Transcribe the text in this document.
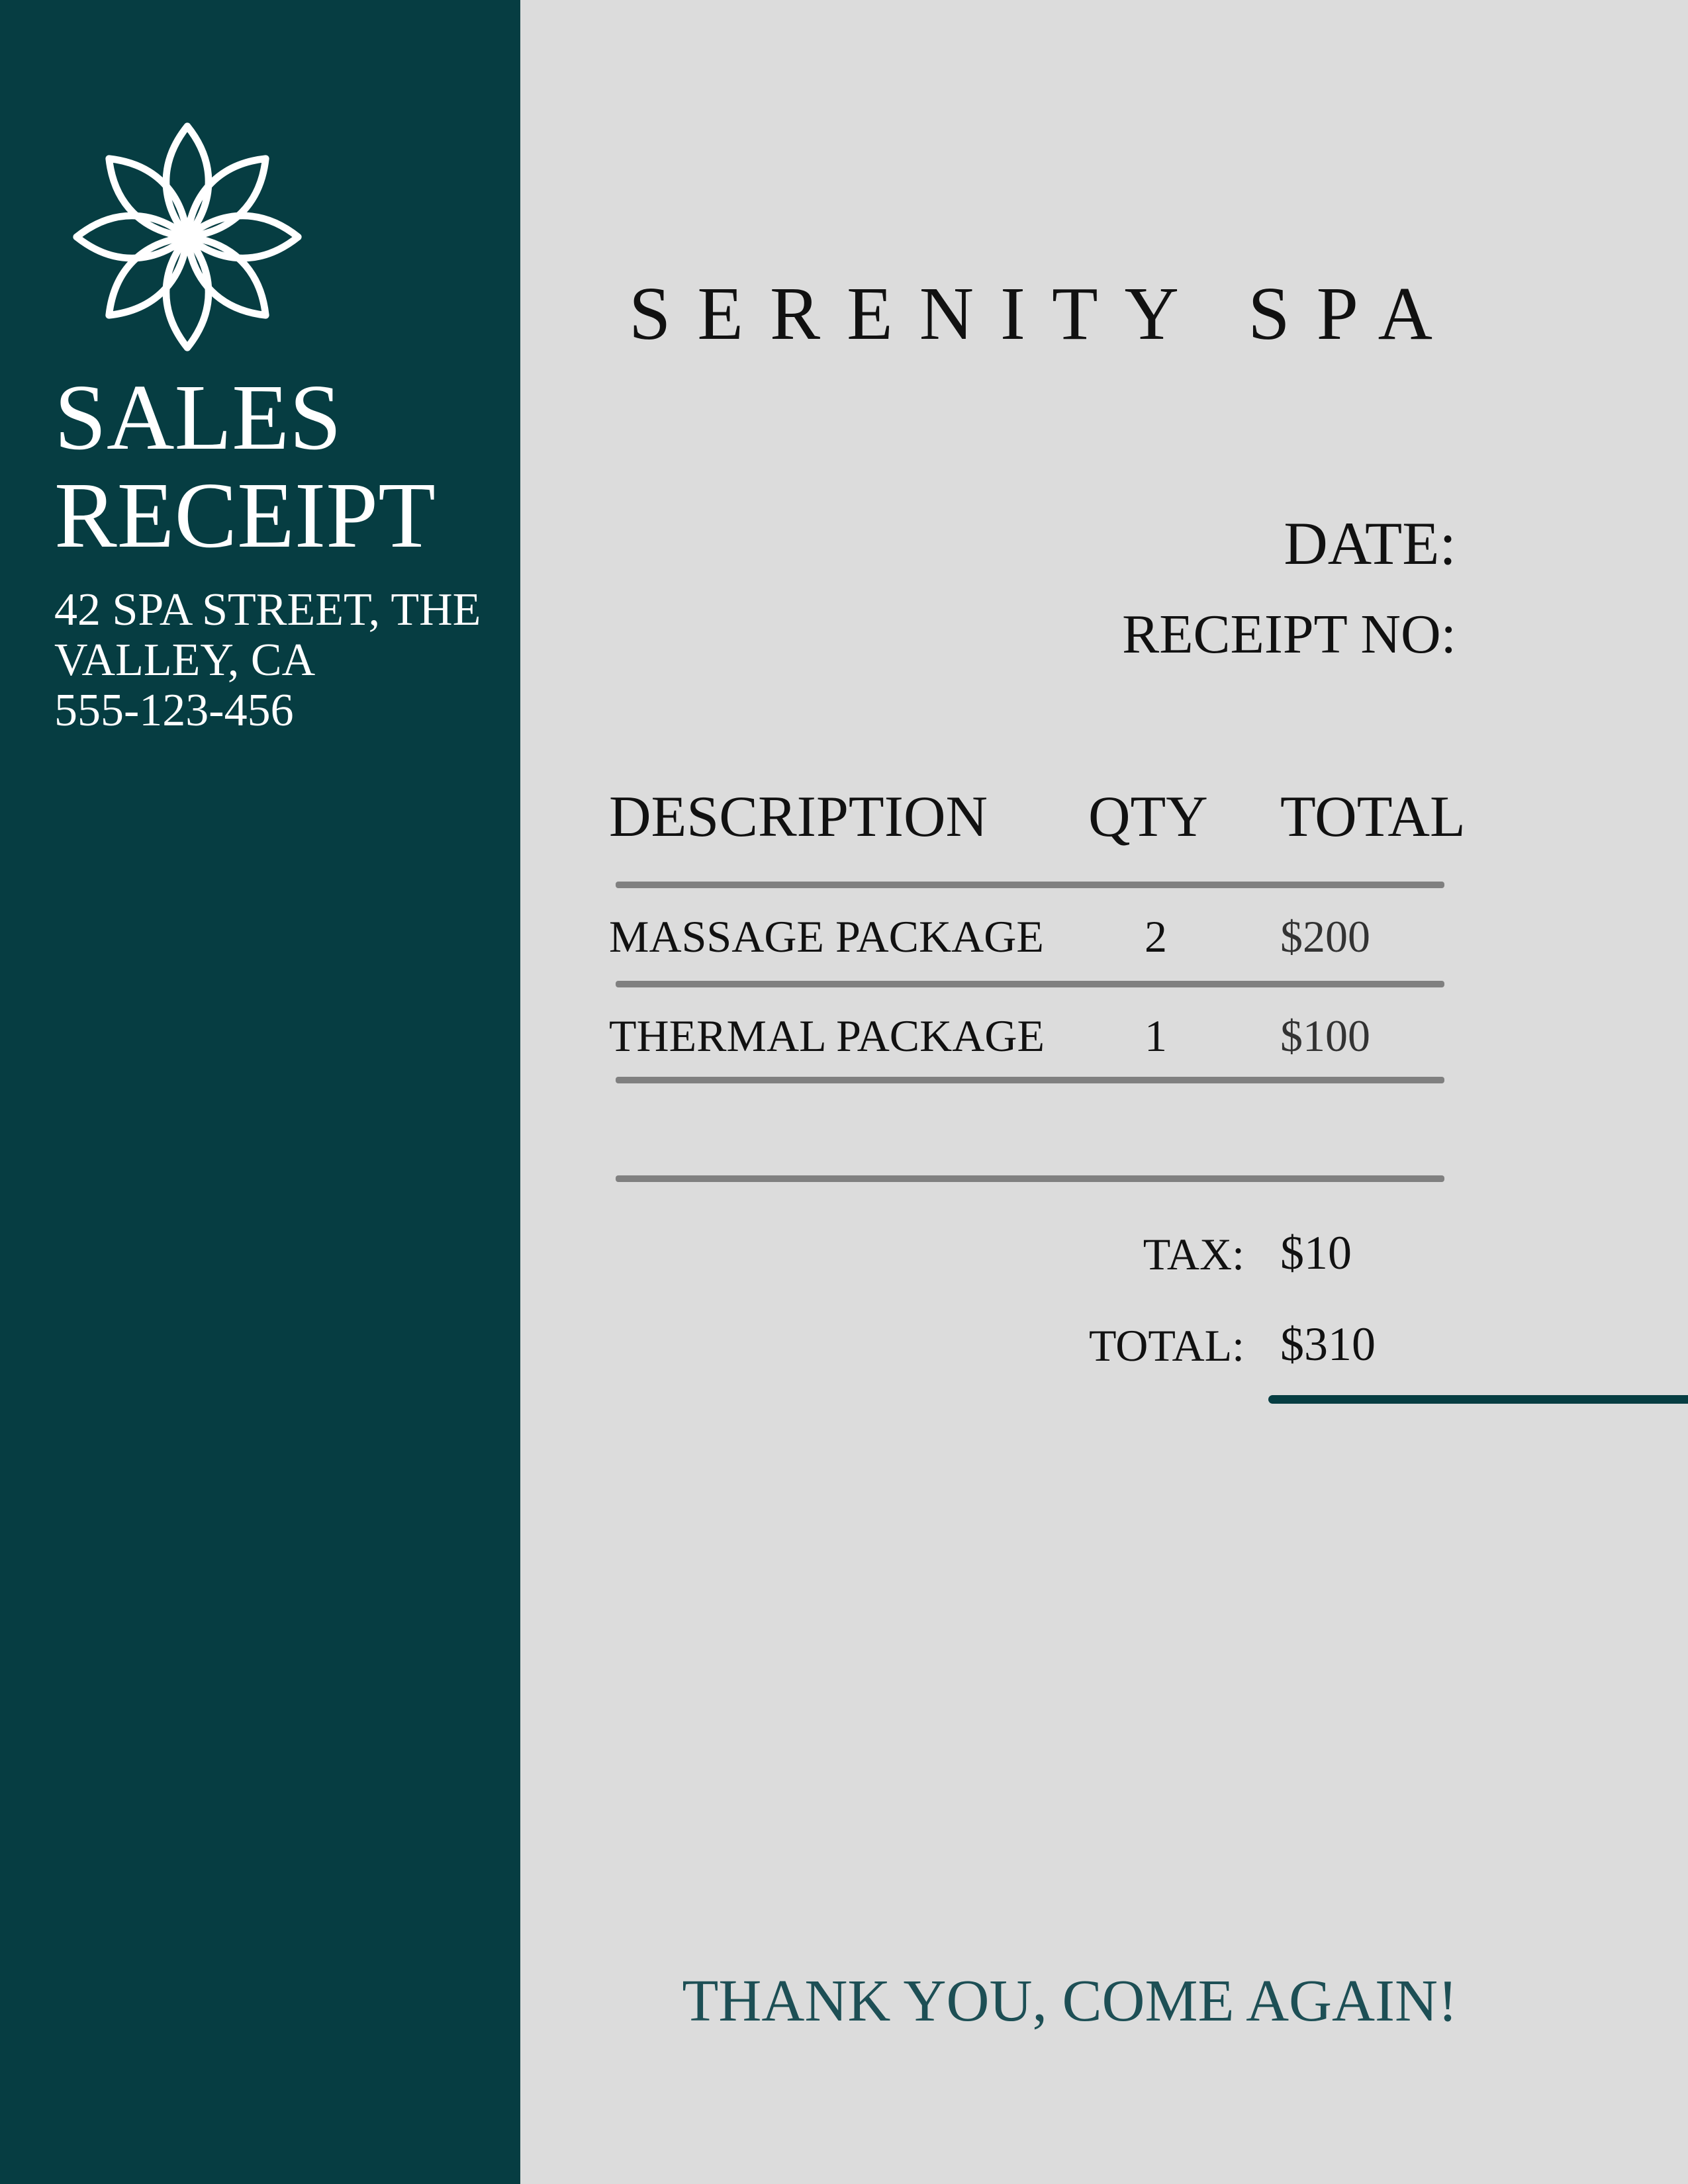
SALES
RECEIPT
42 SPA STREET, THE
VALLEY, CA
555-123-456
SERENITY SPA
DATE:
RECEIPT NO:
DESCRIPTION QTY TOTAL
MASSAGE PACKAGE 2	$200
THERMAL PACKAGE 1	$100
TAX: $10
TOTAL: $310
THANK YOU, COME AGAIN!
